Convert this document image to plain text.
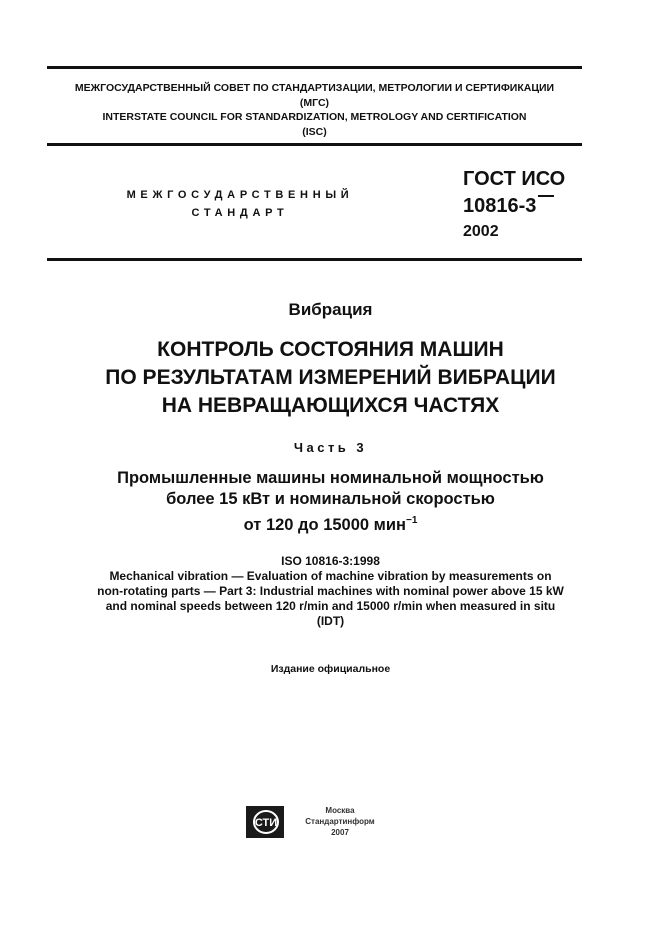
МЕЖГОСУДАРСТВЕННЫЙ СОВЕТ ПО СТАНДАРТИЗАЦИИ, МЕТРОЛОГИИ И СЕРТИФИКАЦИИ
(МГС)
INTERSTATE COUNCIL FOR STANDARDIZATION, METROLOGY AND CERTIFICATION
(ISC)
МЕЖГОСУДАРСТВЕННЫЙ
СТАНДАРТ
ГОСТ ИСО
10816-3
2002
Вибрация
КОНТРОЛЬ СОСТОЯНИЯ МАШИН
ПО РЕЗУЛЬТАТАМ ИЗМЕРЕНИЙ ВИБРАЦИИ
НА НЕВРАЩАЮЩИХСЯ ЧАСТЯХ
Часть 3
Промышленные машины номинальной мощностью
более 15 кВт и номинальной скоростью
от 120 до 15000 мин$^{-1}$
ISO 10816-3:1998
Mechanical vibration — Evaluation of machine vibration by measurements on
non-rotating parts — Part 3: Industrial machines with nominal power above 15 kW
and nominal speeds between 120 r/min and 15000 r/min when measured in situ
(IDT)
Издание официальное
СТИ
Москва
Стандартинформ
2007
